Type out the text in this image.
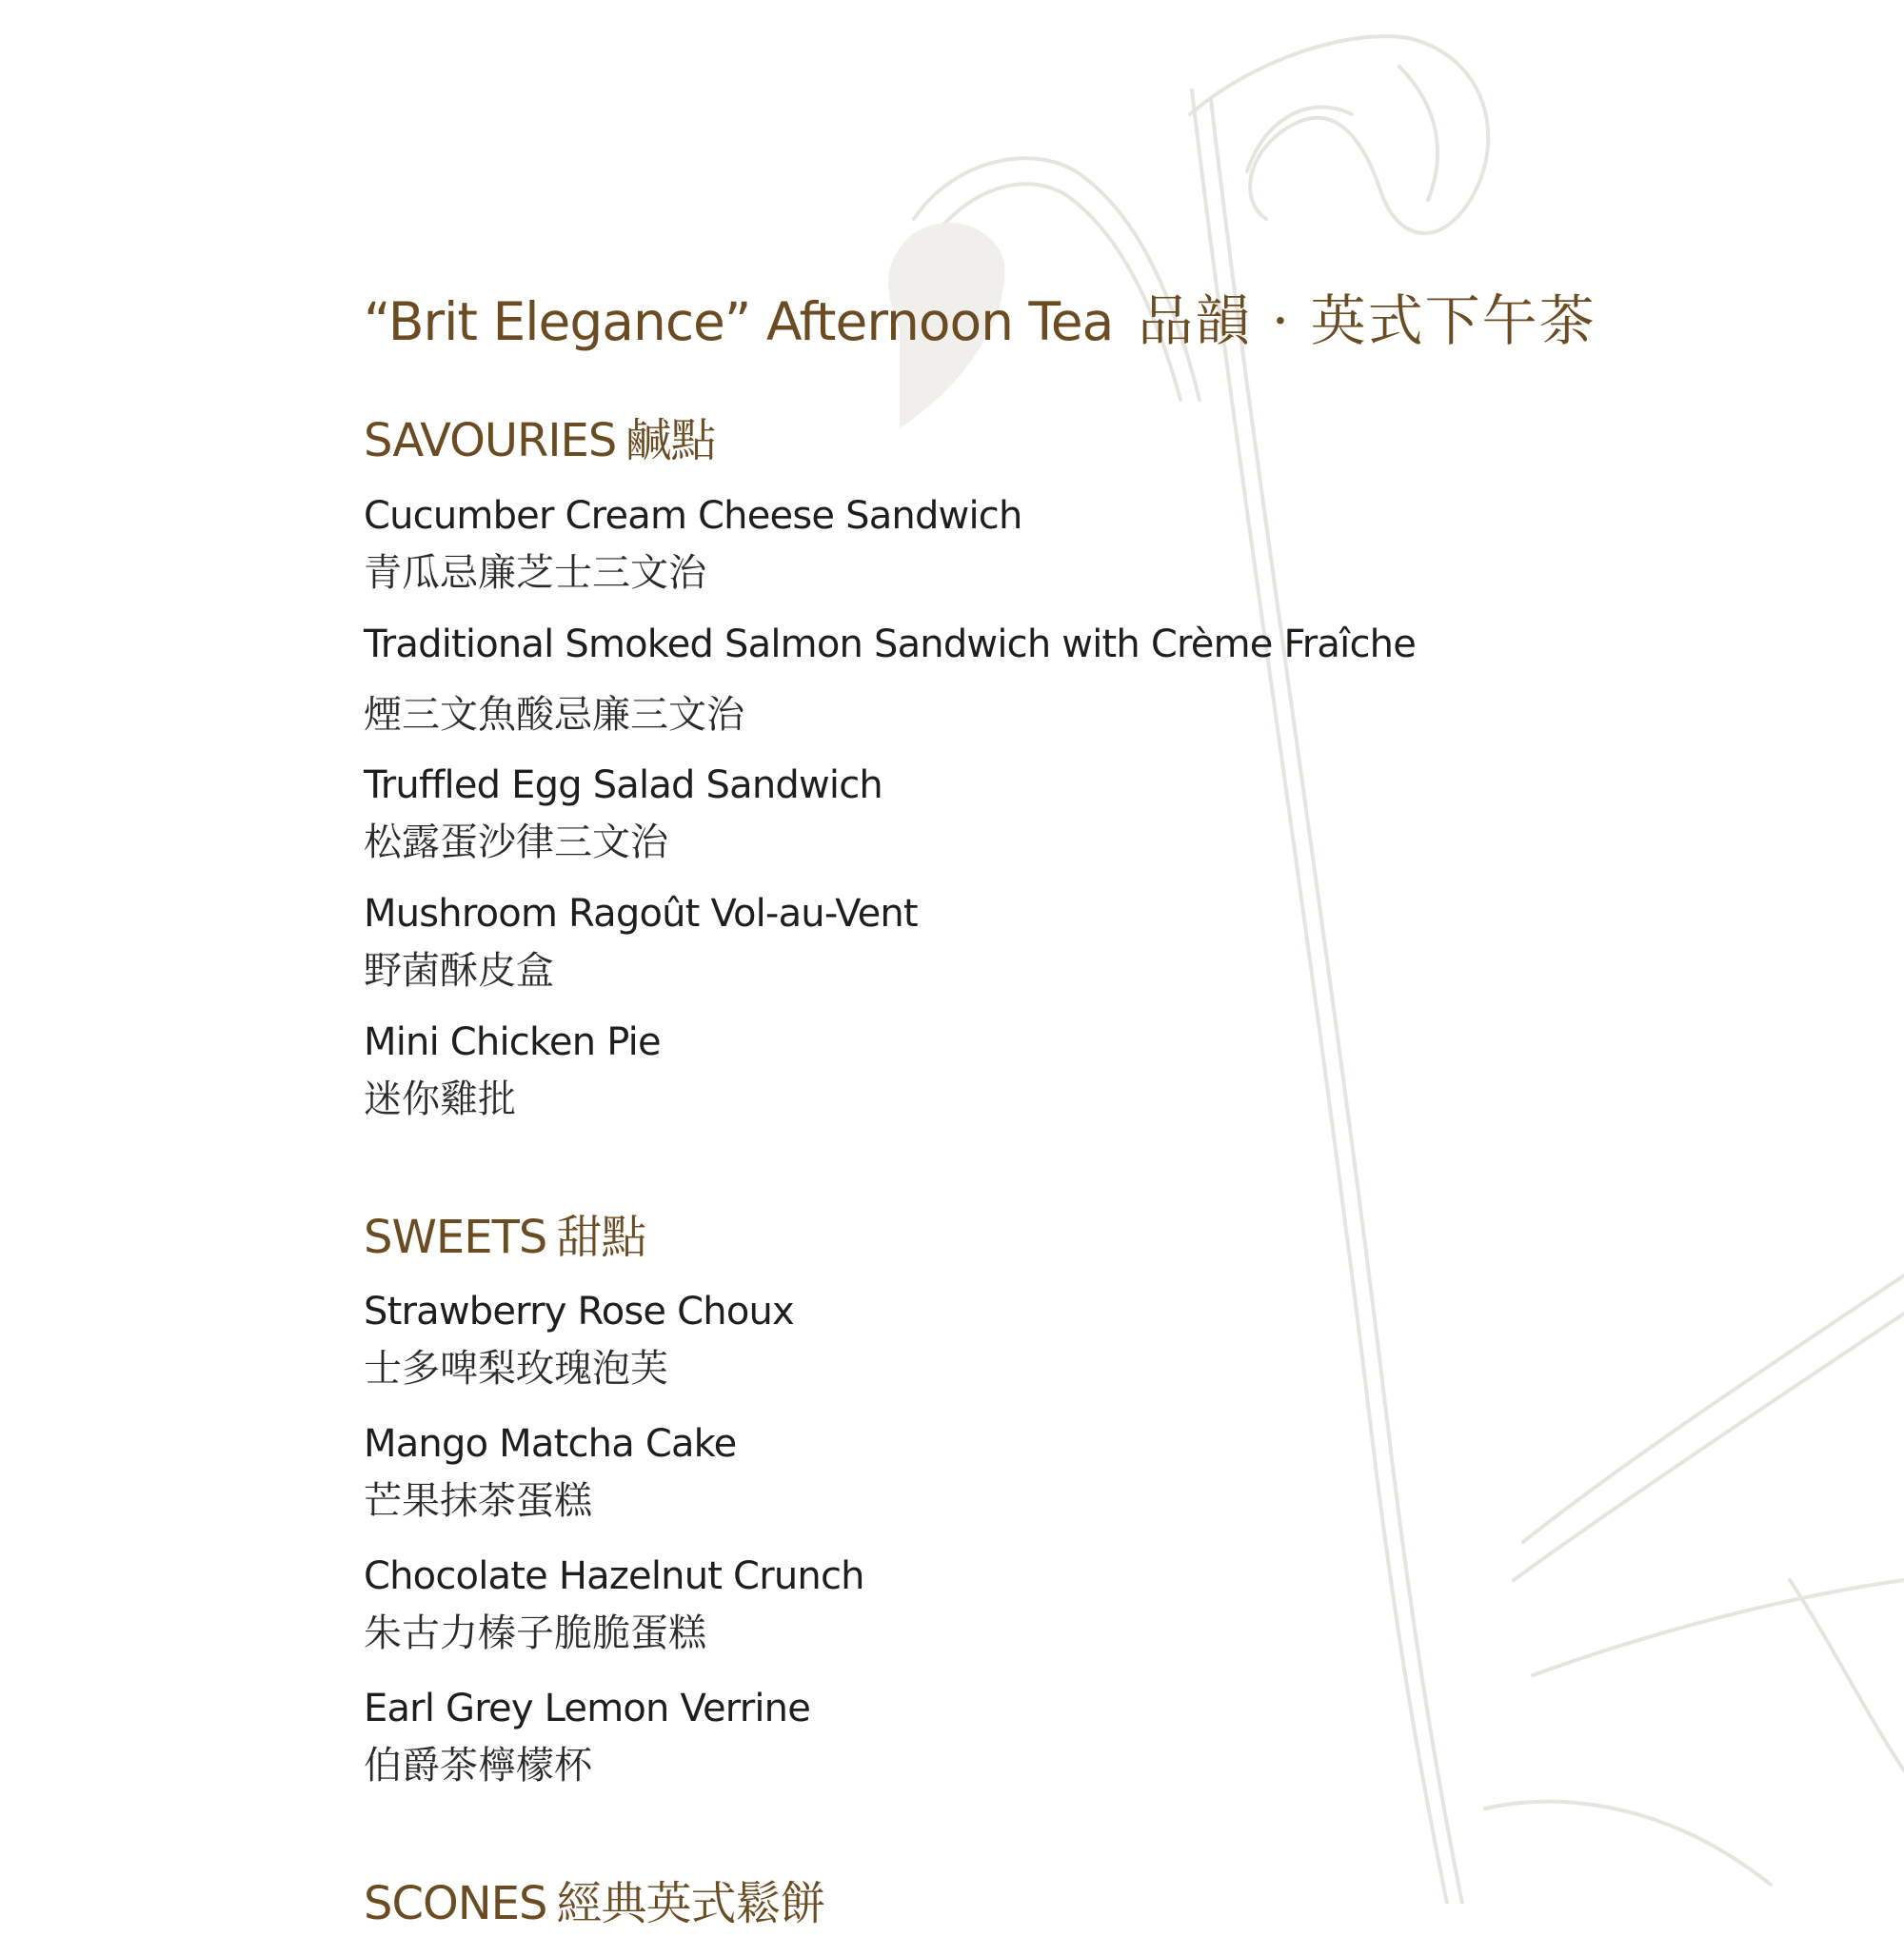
“Brit Elegance” Afternoon Tea 品韻 · 英式下午茶
SAVOURIES 鹹點
Cucumber Cream Cheese Sandwich
青瓜忌廉芝士三文治
Traditional Smoked Salmon Sandwich with Crème Fraîche
煙三文魚酸忌廉三文治
Truffled Egg Salad Sandwich
松露蛋沙律三文治
Mushroom Ragoût Vol-au-Vent
野菌酥皮盒
Mini Chicken Pie
迷你雞批
SWEETS 甜點
Strawberry Rose Choux
士多啤梨玫瑰泡芙
Mango Matcha Cake
芒果抹茶蛋糕
Chocolate Hazelnut Crunch
朱古力榛子脆脆蛋糕
Earl Grey Lemon Verrine
伯爵茶檸檬杯
SCONES 經典英式鬆餅
